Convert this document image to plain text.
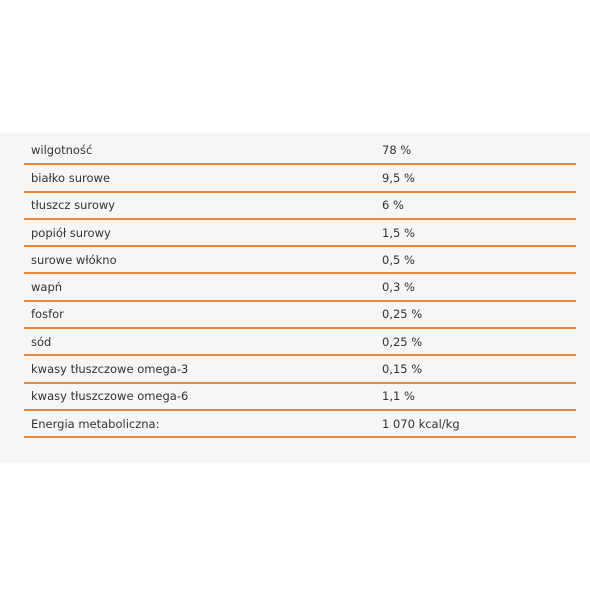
wilgotność	78 %
białko surowe	9,5 %
tłuszcz surowy	6 %
popiół surowy	1,5 %
surowe włókno	0,5 %
wapń	0,3 %
fosfor	0,25 %
sód	0,25 %
kwasy tłuszczowe omega-3	0,15 %
kwasy tłuszczowe omega-6	1,1 %
Energia metaboliczna:	1 070 kcal/kg
